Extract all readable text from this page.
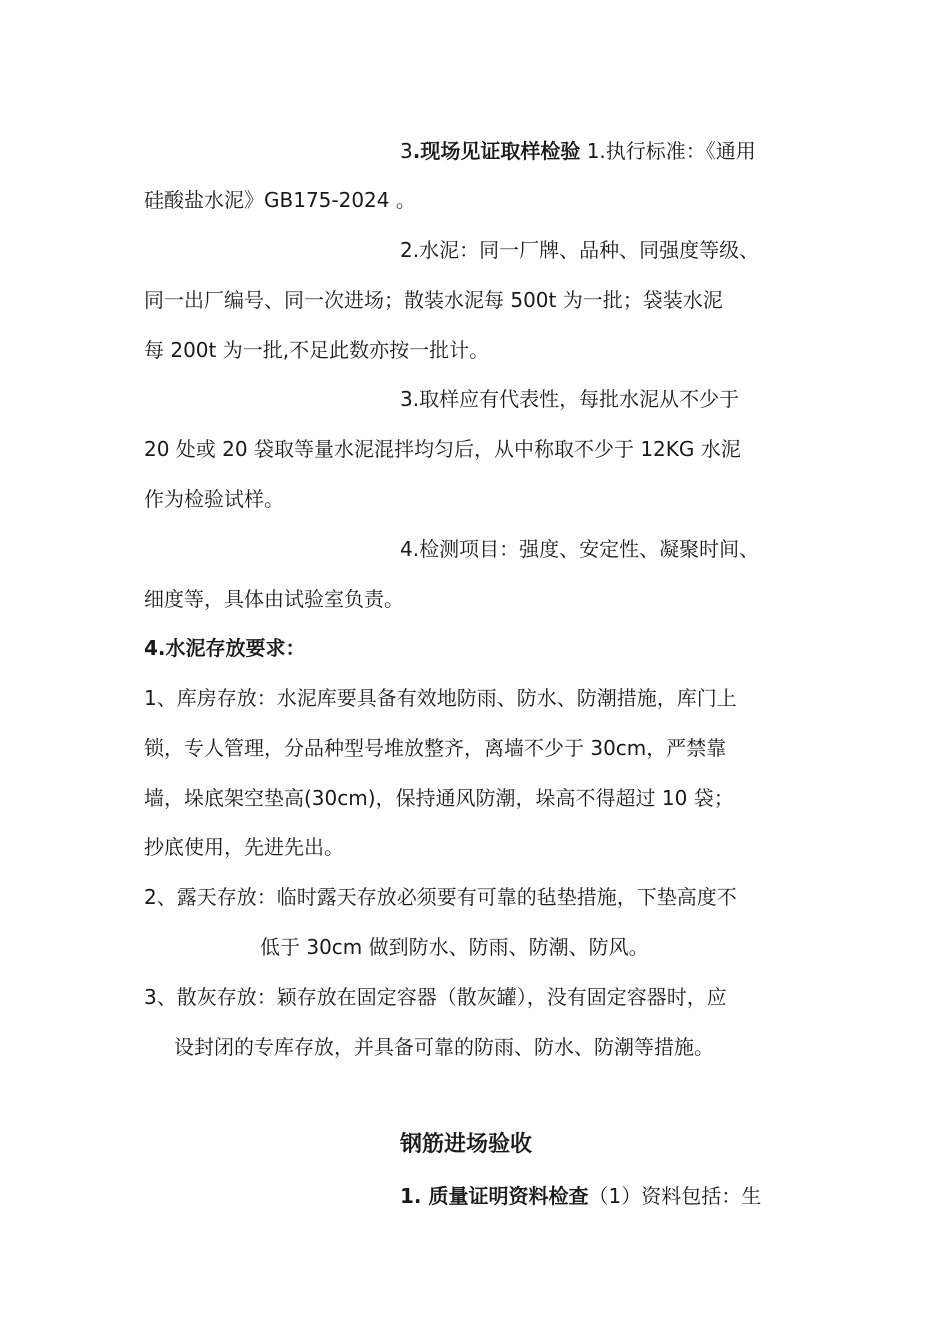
3.现场见证取样检验 1.执行标准：《通用
硅酸盐水泥》GB175-2024 。
2.水泥：同一厂牌、品种、同强度等级、
同一出厂编号、同一次进场；散装水泥每 500t 为一批；袋装水泥
每 200t 为一批,不足此数亦按一批计。
3.取样应有代表性，每批水泥从不少于
20 处或 20 袋取等量水泥混拌均匀后，从中称取不少于 12KG 水泥
作为检验试样。
4.检测项目：强度、安定性、凝聚时间、
细度等，具体由试验室负责。
4.水泥存放要求：
1、库房存放：水泥库要具备有效地防雨、防水、防潮措施，库门上
锁，专人管理，分品种型号堆放整齐，离墙不少于 30cm，严禁靠
墙，垛底架空垫高(30cm)，保持通风防潮，垛高不得超过 10 袋；
抄底使用，先进先出。
2、露天存放：临时露天存放必须要有可靠的毡垫措施，下垫高度不
低于 30cm 做到防水、防雨、防潮、防风。
3、散灰存放：颖存放在固定容器（散灰罐），没有固定容器时，应
设封闭的专库存放，并具备可靠的防雨、防水、防潮等措施。
钢筋进场验收
1. 质量证明资料检查（1）资料包括：生
